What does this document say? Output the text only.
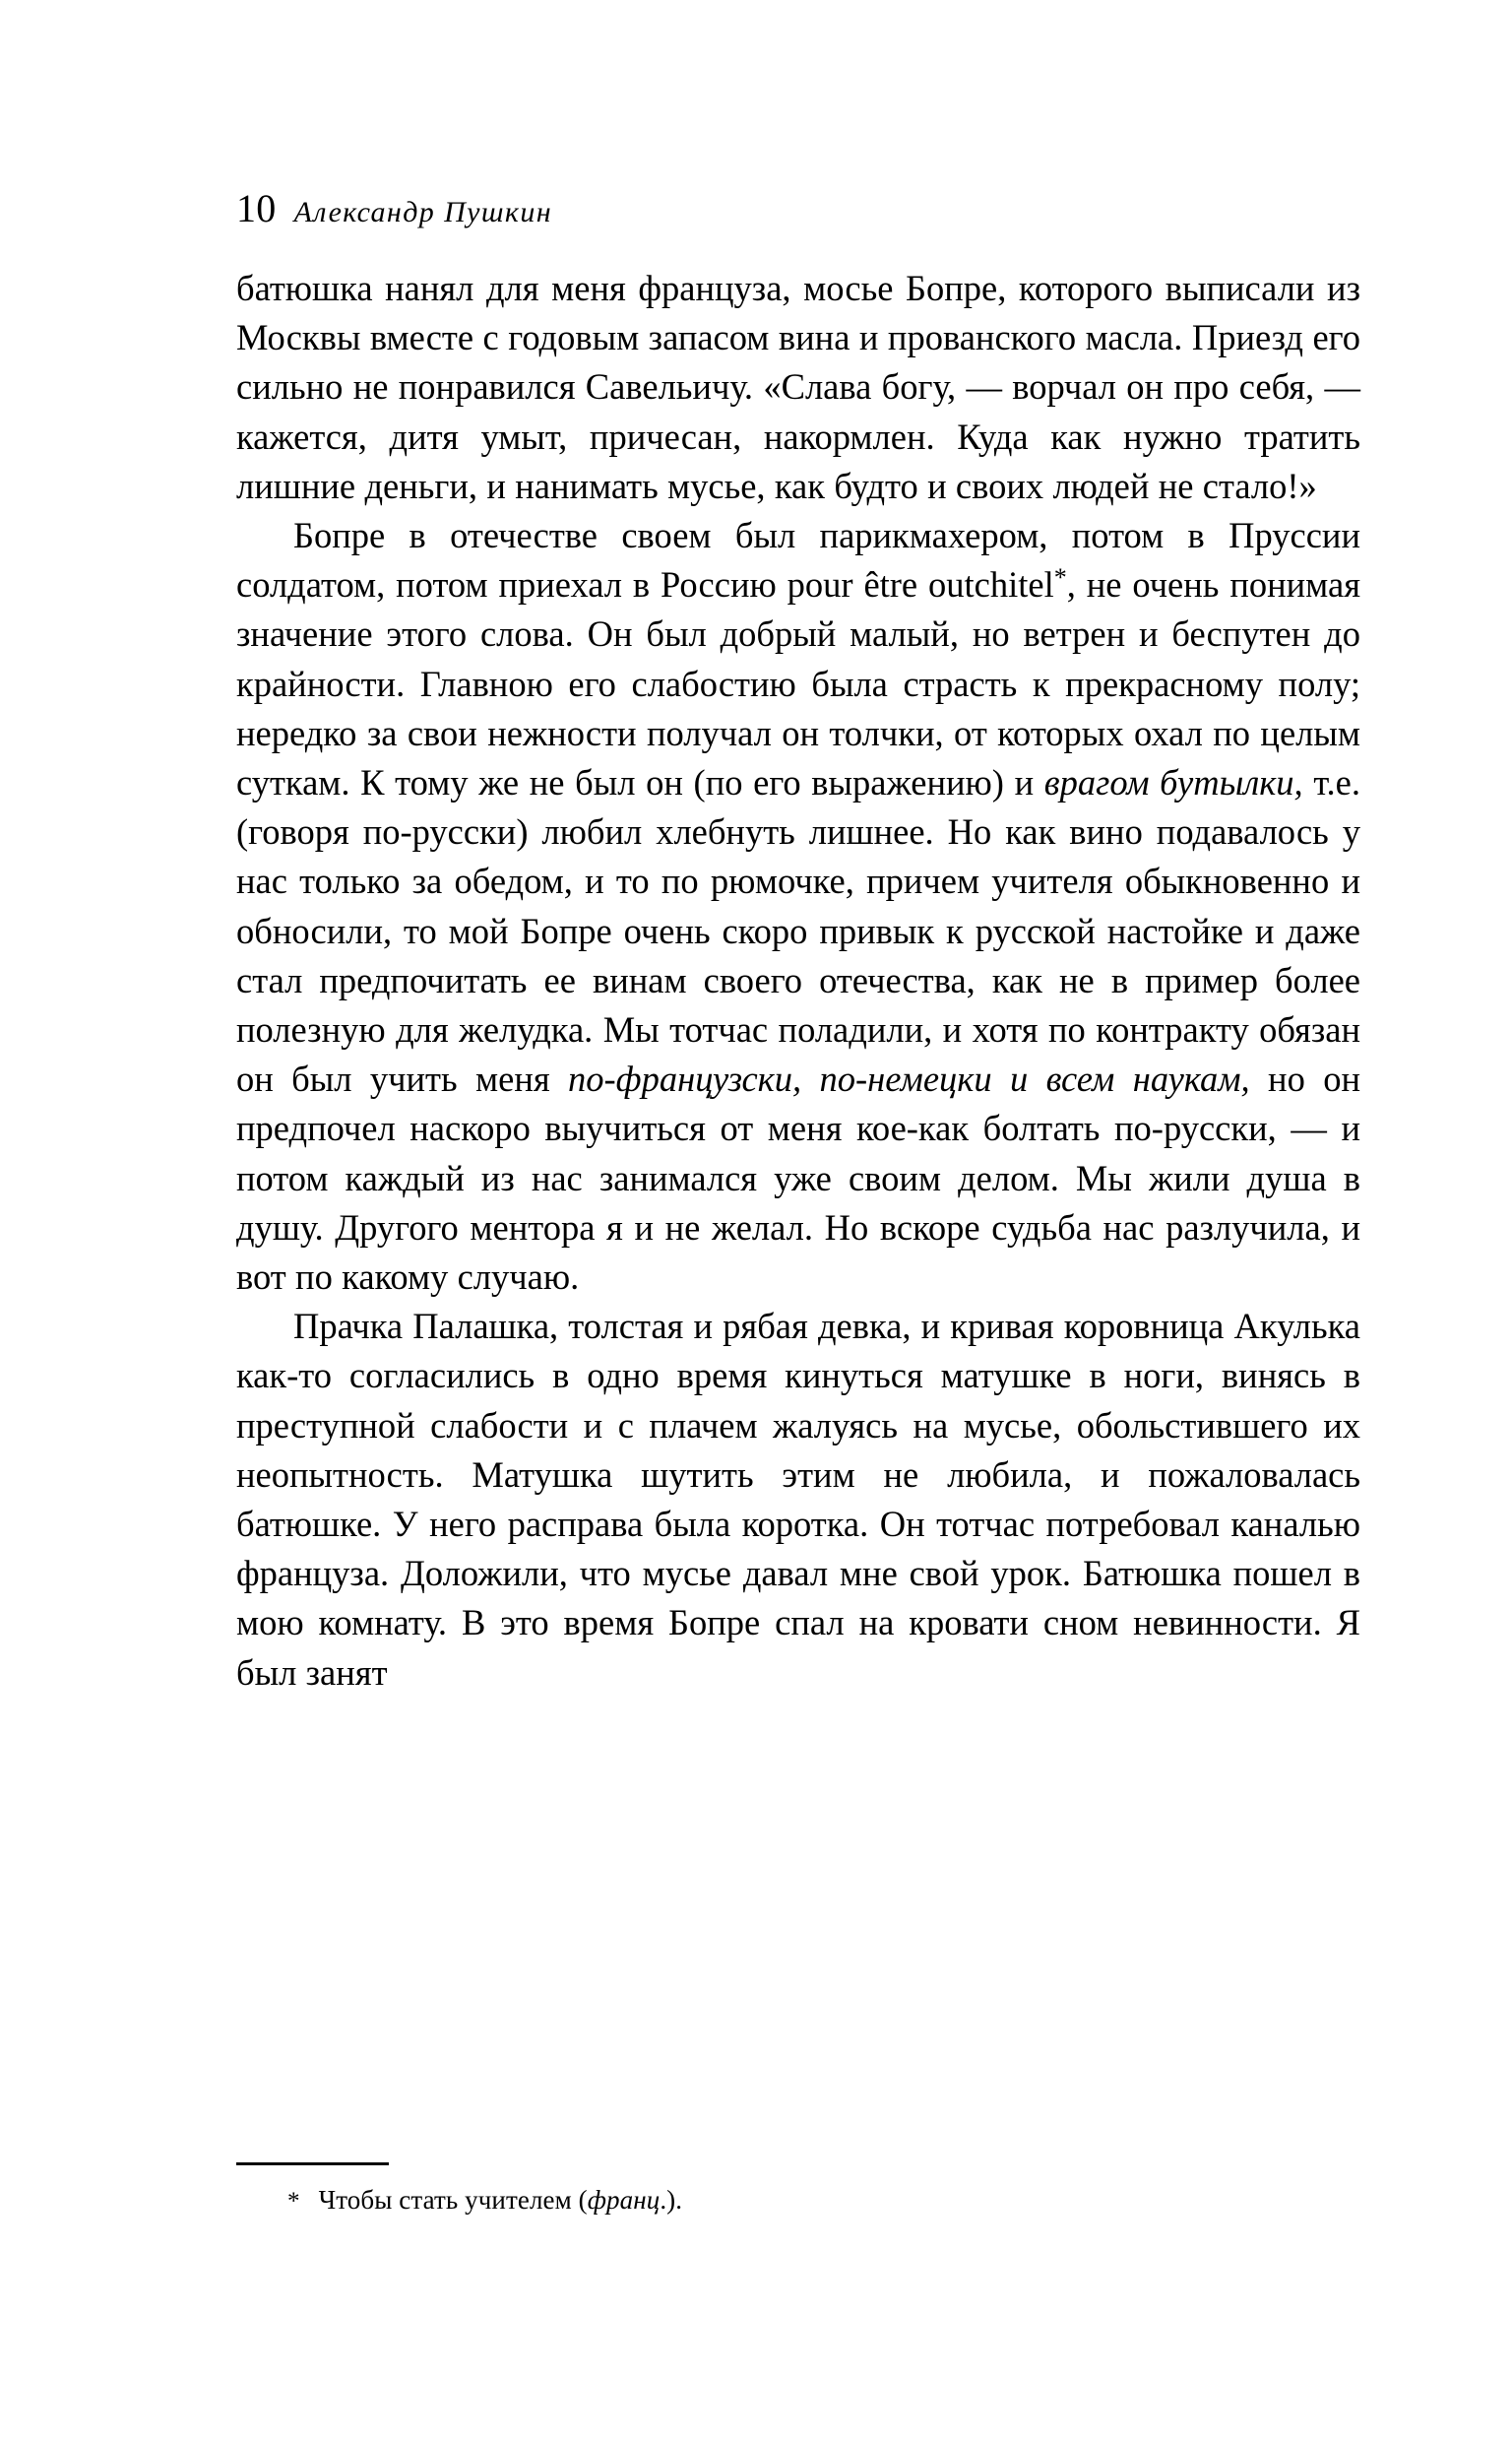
10 Александр Пушкин

батюшка нанял для меня француза, мосье Бопре, которого выписали из Москвы вместе с годовым запасом вина и прованского масла. Приезд его сильно не понравился Савельичу. «Слава богу, — ворчал он про себя, — кажется, дитя умыт, причесан, накормлен. Куда как нужно тратить лишние деньги, и нанимать мусье, как будто и своих людей не стало!»

Бопре в отечестве своем был парикмахером, потом в Пруссии солдатом, потом приехал в Россию pour être outchitel*, не очень понимая значение этого слова. Он был добрый малый, но ветрен и беспутен до крайности. Главною его слабостию была страсть к прекрасному полу; нередко за свои нежности получал он толчки, от которых охал по целым суткам. К тому же не был он (по его выражению) и врагом бутылки, т.е. (говоря по-русски) любил хлебнуть лишнее. Но как вино подавалось у нас только за обедом, и то по рюмочке, причем учителя обыкновенно и обносили, то мой Бопре очень скоро привык к русской настойке и даже стал предпочитать ее винам своего отечества, как не в пример более полезную для желудка. Мы тотчас поладили, и хотя по контракту обязан он был учить меня по-французски, по-немецки и всем наукам, но он предпочел наскоро выучиться от меня кое-как болтать по-русски, — и потом каждый из нас занимался уже своим делом. Мы жили душа в душу. Другого ментора я и не желал. Но вскоре судьба нас разлучила, и вот по какому случаю.

Прачка Палашка, толстая и рябая девка, и кривая коровница Акулька как-то согласились в одно время кинуться матушке в ноги, винясь в преступной слабости и с плачем жалуясь на мусье, обольстившего их неопытность. Матушка шутить этим не любила, и пожаловалась батюшке. У него расправа была коротка. Он тотчас потребовал каналью француза. Доложили, что мусье давал мне свой урок. Батюшка пошел в мою комнату. В это время Бопре спал на кровати сном невинности. Я был занят

*  Чтобы стать учителем (франц.).
